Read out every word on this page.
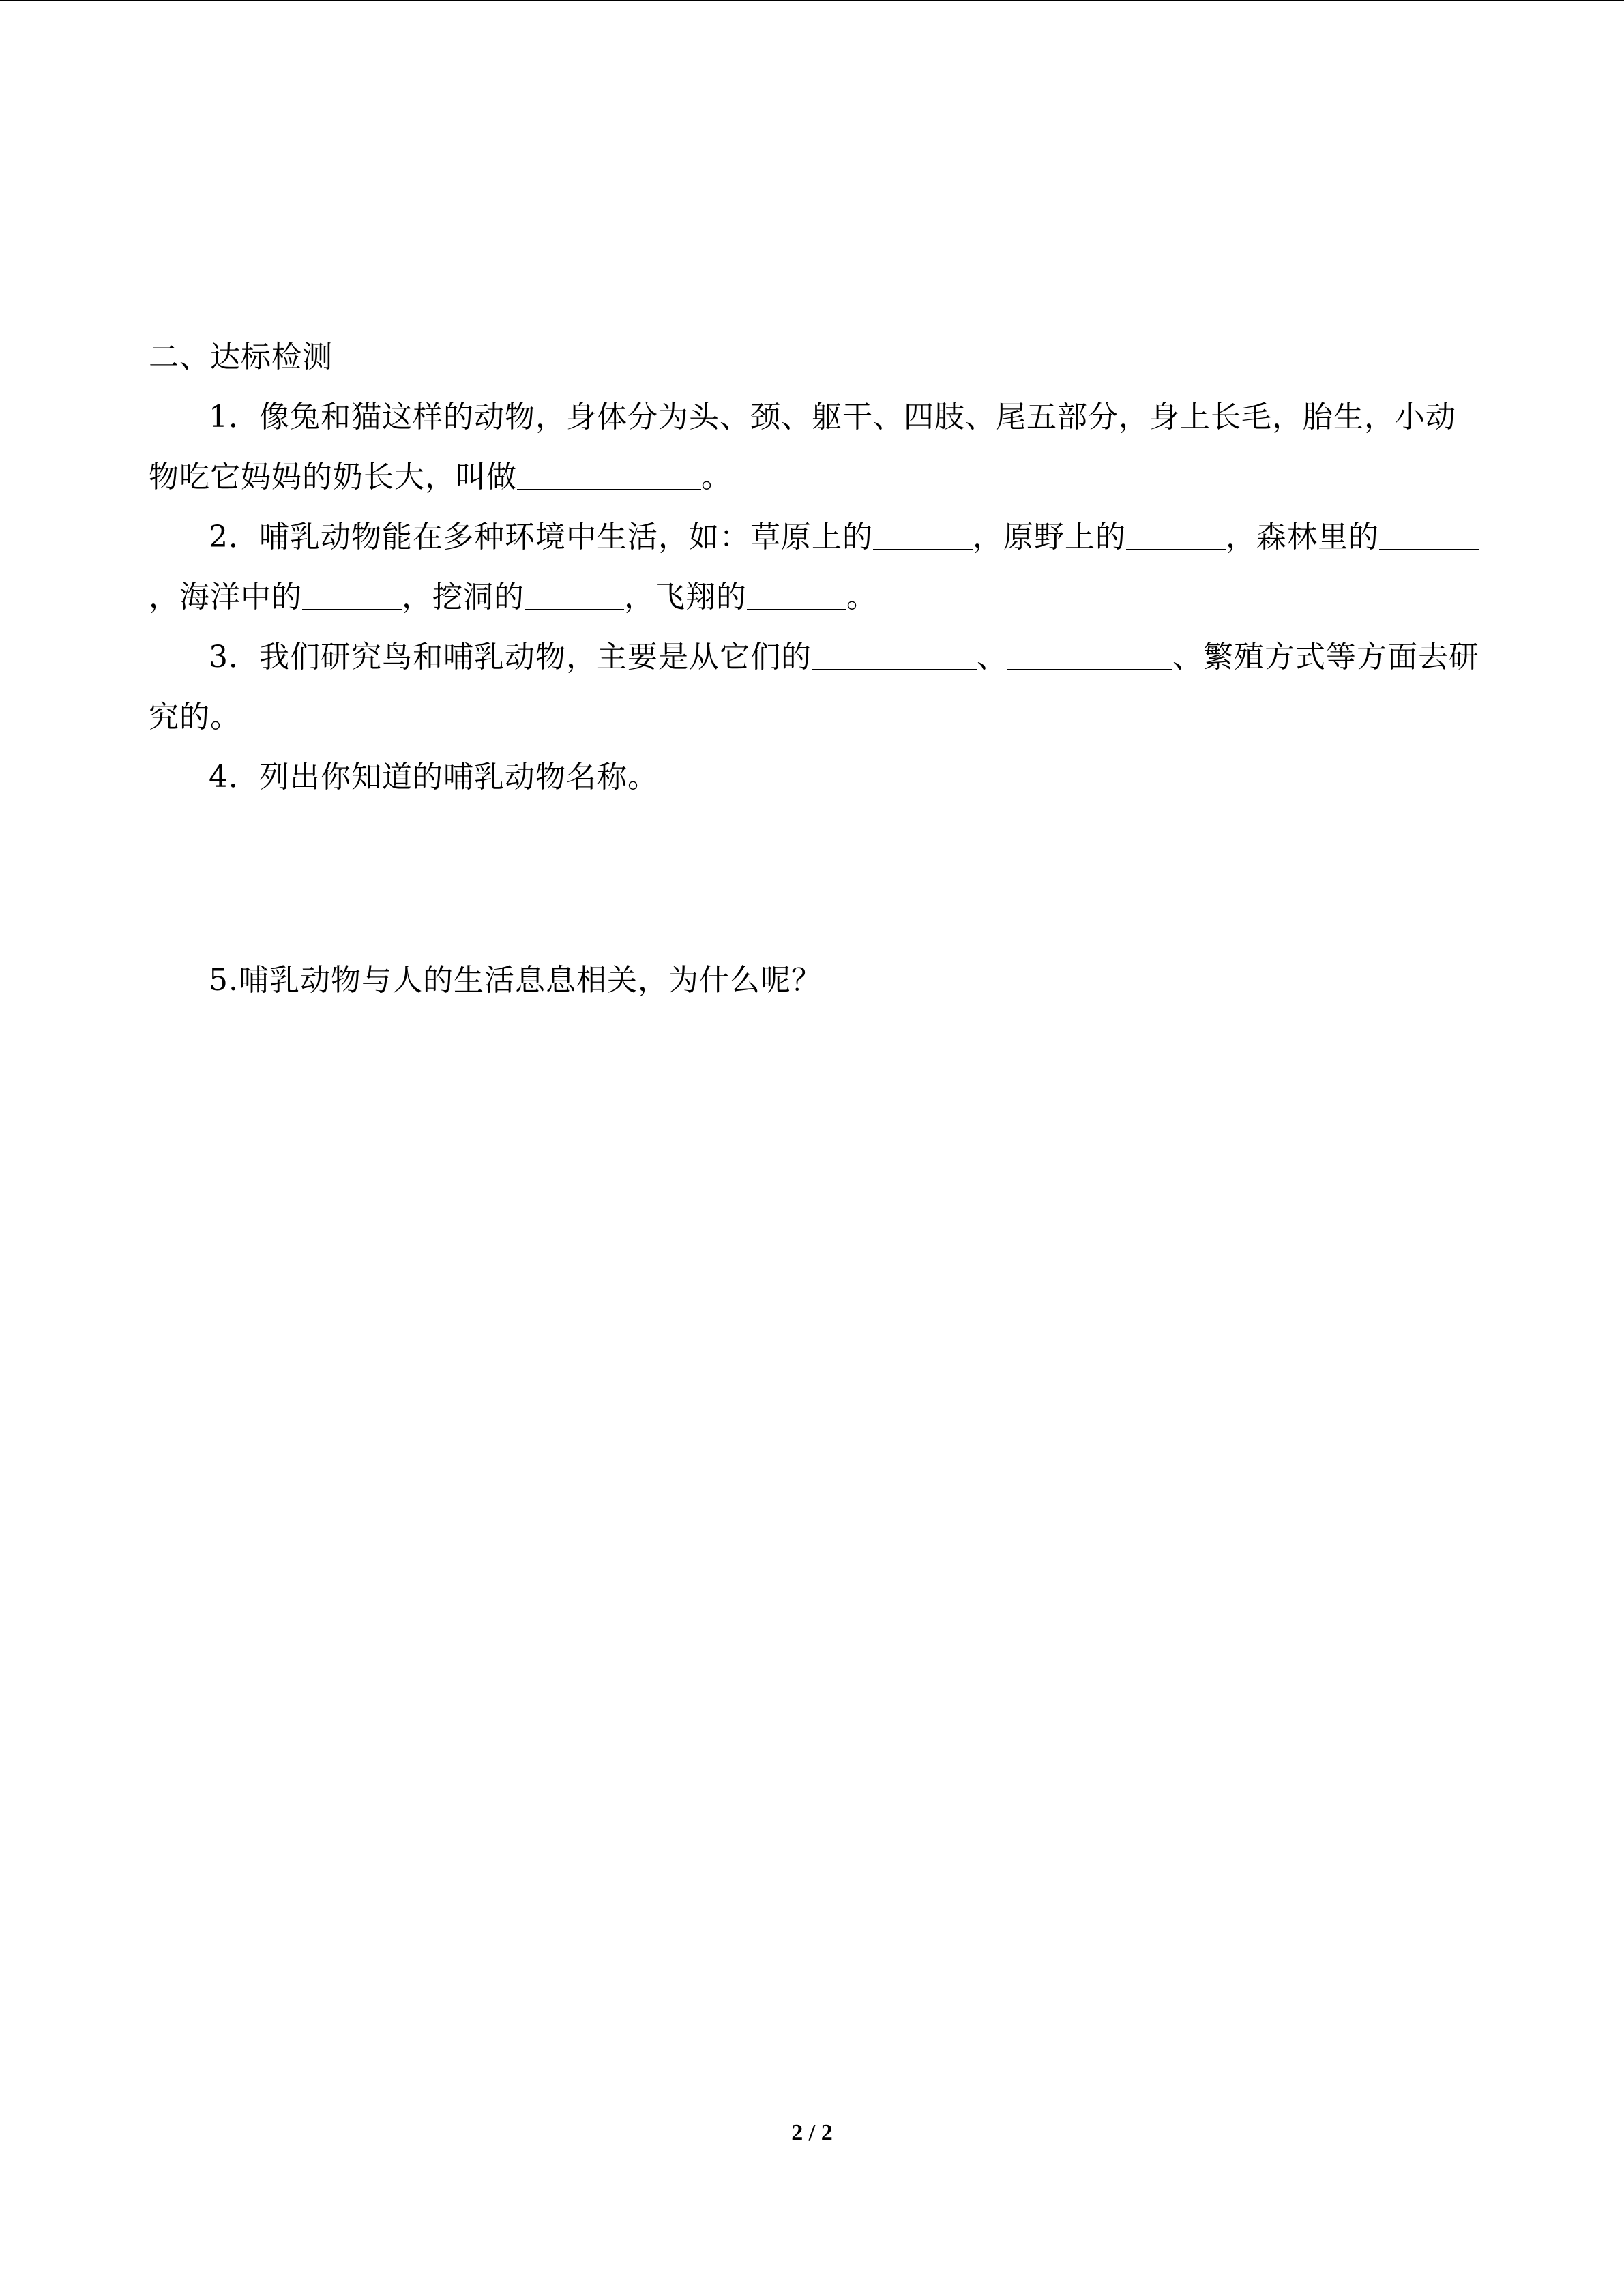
二、达标检测

1．像兔和猫这样的动物，身体分为头、颈、躯干、四肢、尾五部分，身上长毛，胎生，小动物吃它妈妈的奶长大，叫做	。

2．哺乳动物能在多种环境中生活，如：草原上的	，原野上的	，森林里的，海洋中的	，挖洞的	，飞翔的	。

3．我们研究鸟和哺乳动物，主要是从它们的	、	、繁殖方式等方面去研究的。

4．列出你知道的哺乳动物名称。

5.哺乳动物与人的生活息息相关，为什么呢？

2 / 2
